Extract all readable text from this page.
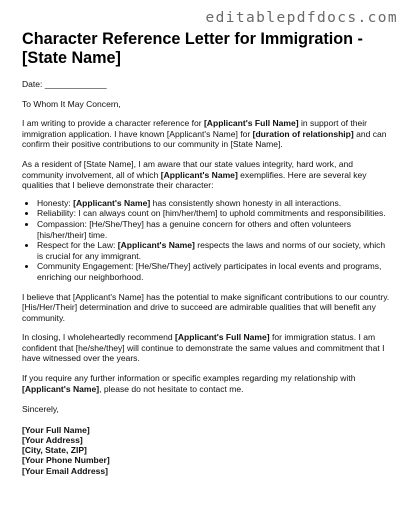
editablepdfdocs.com
Character Reference Letter for Immigration - [State Name]
Date: _____________
To Whom It May Concern,

I am writing to provide a character reference for [Applicant's Full Name] in support of their immigration application. I have known [Applicant's Name] for [duration of relationship] and can confirm their positive contributions to our community in [State Name].

As a resident of [State Name], I am aware that our state values integrity, hard work, and community involvement, all of which [Applicant's Name] exemplifies. Here are several key qualities that I believe demonstrate their character:

• Honesty: [Applicant's Name] has consistently shown honesty in all interactions.
• Reliability: I can always count on [him/her/them] to uphold commitments and responsibilities.
• Compassion: [He/She/They] has a genuine concern for others and often volunteers [his/her/their] time.
• Respect for the Law: [Applicant's Name] respects the laws and norms of our society, which is crucial for any immigrant.
• Community Engagement: [He/She/They] actively participates in local events and programs, enriching our neighborhood.

I believe that [Applicant's Name] has the potential to make significant contributions to our country. [His/Her/Their] determination and drive to succeed are admirable qualities that will benefit any community.

In closing, I wholeheartedly recommend [Applicant's Full Name] for immigration status. I am confident that [he/she/they] will continue to demonstrate the same values and commitment that I have witnessed over the years.

If you require any further information or specific examples regarding my relationship with [Applicant's Name], please do not hesitate to contact me.

Sincerely,
[Your Full Name]
[Your Address]
[City, State, ZIP]
[Your Phone Number]
[Your Email Address]
